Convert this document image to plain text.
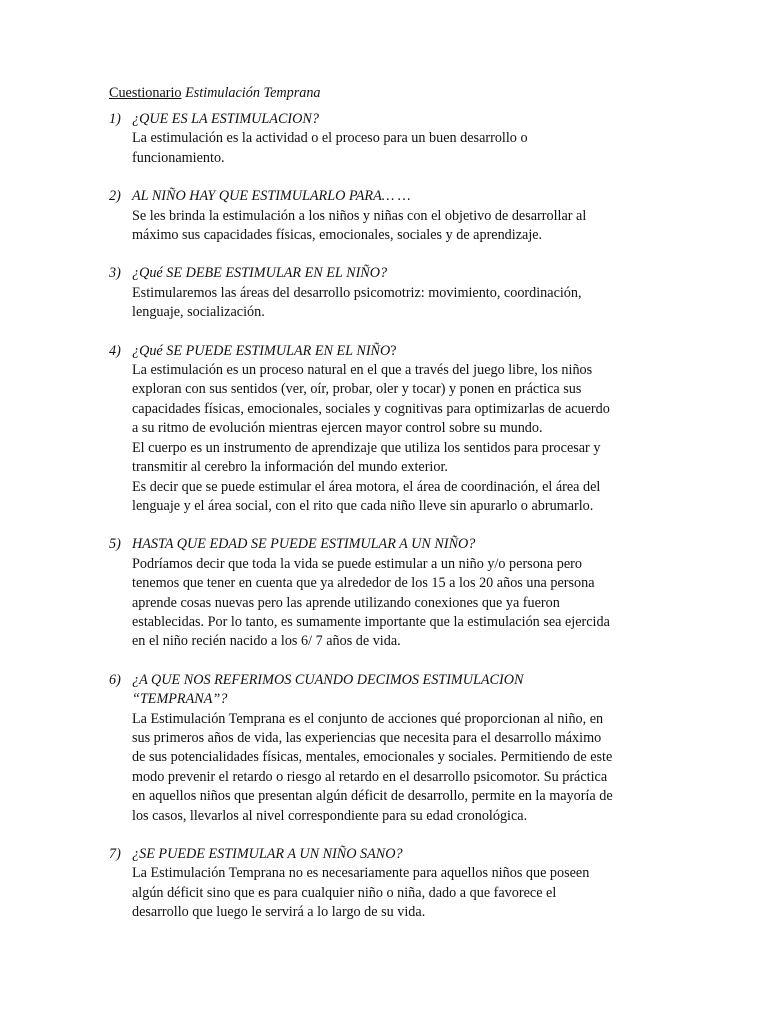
Cuestionario Estimulación Temprana
1) ¿QUE ES LA ESTIMULACION?
La estimulación es la actividad o el proceso para un buen desarrollo o
funcionamiento.
2) AL NIÑO HAY QUE ESTIMULARLO PARA… …
Se les brinda la estimulación a los niños y niñas con el objetivo de desarrollar al
máximo sus capacidades físicas, emocionales, sociales y de aprendizaje.
3) ¿Qué SE DEBE ESTIMULAR EN EL NIÑO?
Estimularemos las áreas del desarrollo psicomotriz: movimiento, coordinación,
lenguaje, socialización.
4) ¿Qué SE PUEDE ESTIMULAR EN EL NIÑO?
La estimulación es un proceso natural en el que a través del juego libre, los niños
exploran con sus sentidos (ver, oír, probar, oler y tocar) y ponen en práctica sus
capacidades físicas, emocionales, sociales y cognitivas para optimizarlas de acuerdo
a su ritmo de evolución mientras ejercen mayor control sobre su mundo.
El cuerpo es un instrumento de aprendizaje que utiliza los sentidos para procesar y
transmitir al cerebro la información del mundo exterior.
Es decir que se puede estimular el área motora, el área de coordinación, el área del
lenguaje y el área social, con el rito que cada niño lleve sin apurarlo o abrumarlo.
5) HASTA QUE EDAD SE PUEDE ESTIMULAR A UN NIÑO?
Podríamos decir que toda la vida se puede estimular a un niño y/o persona pero
tenemos que tener en cuenta que ya alrededor de los 15 a los 20 años una persona
aprende cosas nuevas pero las aprende utilizando conexiones que ya fueron
establecidas. Por lo tanto, es sumamente importante que la estimulación sea ejercida
en el niño recién nacido a los 6/ 7 años de vida.
6) ¿A QUE NOS REFERIMOS CUANDO DECIMOS ESTIMULACION
“TEMPRANA”?
La Estimulación Temprana es el conjunto de acciones qué proporcionan al niño, en
sus primeros años de vida, las experiencias que necesita para el desarrollo máximo
de sus potencialidades físicas, mentales, emocionales y sociales. Permitiendo de este
modo prevenir el retardo o riesgo al retardo en el desarrollo psicomotor. Su práctica
en aquellos niños que presentan algún déficit de desarrollo, permite en la mayoría de
los casos, llevarlos al nivel correspondiente para su edad cronológica.
7) ¿SE PUEDE ESTIMULAR A UN NIÑO SANO?
La Estimulación Temprana no es necesariamente para aquellos niños que poseen
algún déficit sino que es para cualquier niño o niña, dado a que favorece el
desarrollo que luego le servirá a lo largo de su vida.
